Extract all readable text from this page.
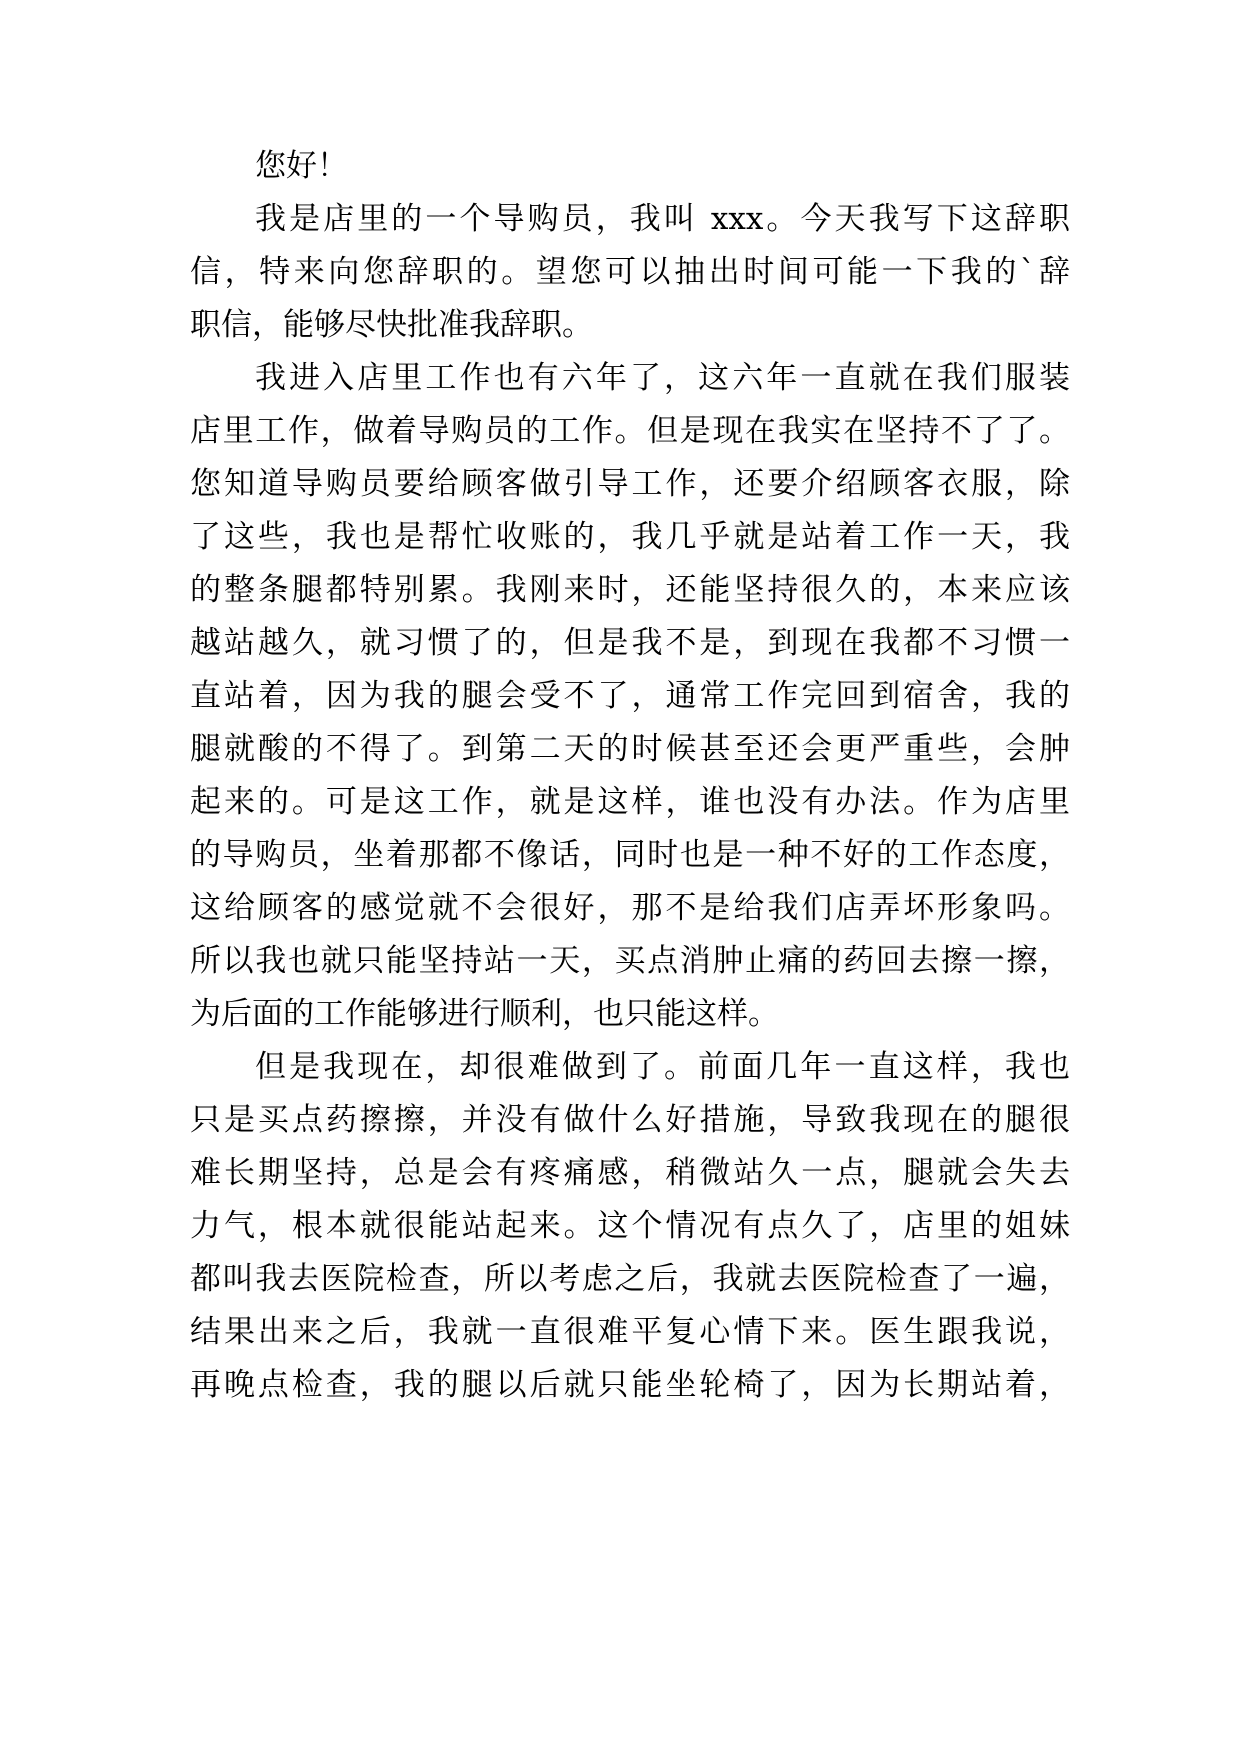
您好！
我是店里的一个导购员，我叫 xxx。今天我写下这辞职
信，特来向您辞职的。望您可以抽出时间可能一下我的`辞
职信，能够尽快批准我辞职。
我进入店里工作也有六年了，这六年一直就在我们服装
店里工作，做着导购员的工作。但是现在我实在坚持不了了。
您知道导购员要给顾客做引导工作，还要介绍顾客衣服，除
了这些，我也是帮忙收账的，我几乎就是站着工作一天，我
的整条腿都特别累。我刚来时，还能坚持很久的，本来应该
越站越久，就习惯了的，但是我不是，到现在我都不习惯一
直站着，因为我的腿会受不了，通常工作完回到宿舍，我的
腿就酸的不得了。到第二天的时候甚至还会更严重些，会肿
起来的。可是这工作，就是这样，谁也没有办法。作为店里
的导购员，坐着那都不像话，同时也是一种不好的工作态度，
这给顾客的感觉就不会很好，那不是给我们店弄坏形象吗。
所以我也就只能坚持站一天，买点消肿止痛的药回去擦一擦，
为后面的工作能够进行顺利，也只能这样。
但是我现在，却很难做到了。前面几年一直这样，我也
只是买点药擦擦，并没有做什么好措施，导致我现在的腿很
难长期坚持，总是会有疼痛感，稍微站久一点，腿就会失去
力气，根本就很能站起来。这个情况有点久了，店里的姐妹
都叫我去医院检查，所以考虑之后，我就去医院检查了一遍，
结果出来之后，我就一直很难平复心情下来。医生跟我说，
再晚点检查，我的腿以后就只能坐轮椅了，因为长期站着，
